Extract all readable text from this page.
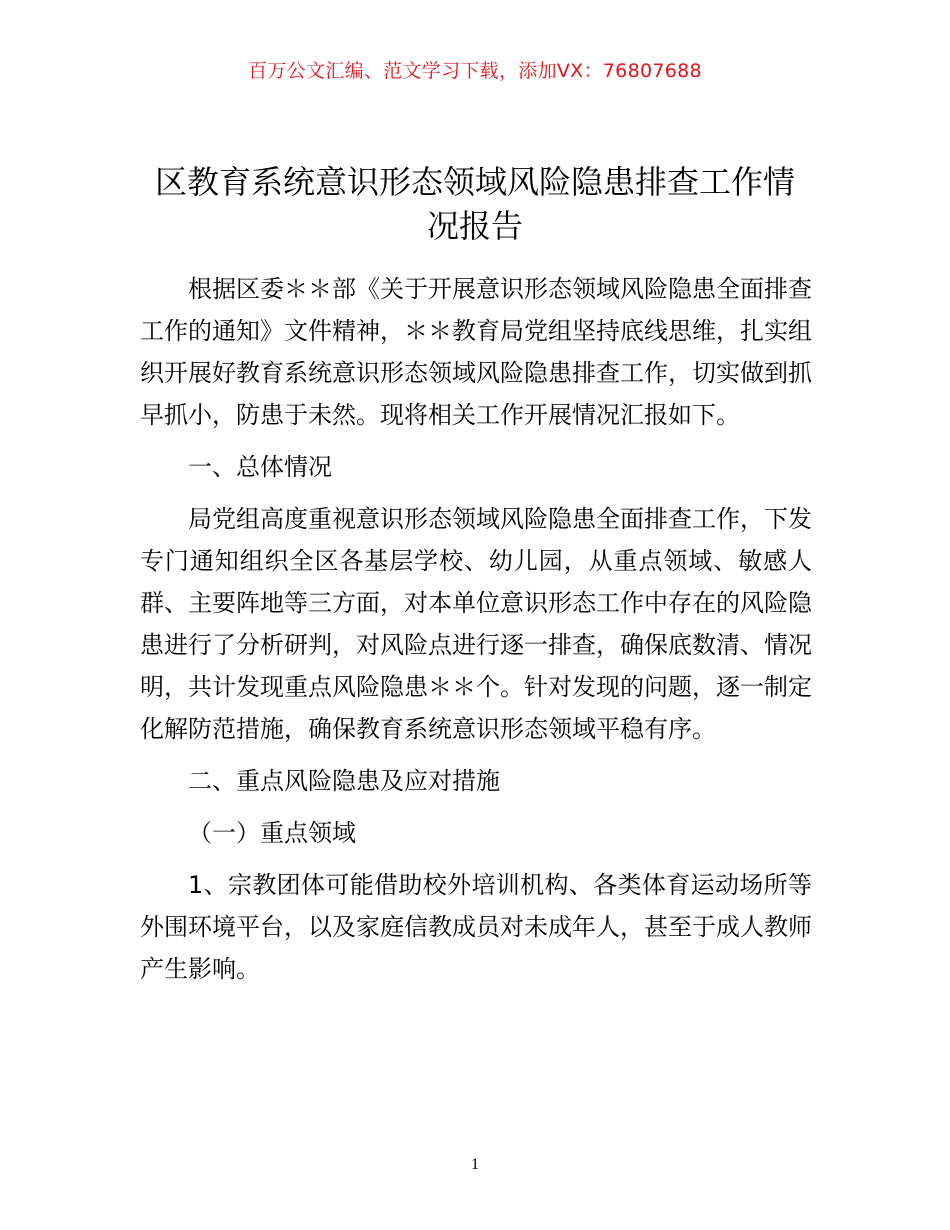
百万公文汇编、范文学习下载，添加VX：76807688
区教育系统意识形态领域风险隐患排查工作情况报告

根据区委＊＊部《关于开展意识形态领域风险隐患全面排查工作的通知》文件精神，＊＊教育局党组坚持底线思维，扎实组织开展好教育系统意识形态领域风险隐患排查工作，切实做到抓早抓小，防患于未然。现将相关工作开展情况汇报如下。

一、总体情况

局党组高度重视意识形态领域风险隐患全面排查工作，下发专门通知组织全区各基层学校、幼儿园，从重点领域、敏感人群、主要阵地等三方面，对本单位意识形态工作中存在的风险隐患进行了分析研判，对风险点进行逐一排查，确保底数清、情况明，共计发现重点风险隐患＊＊个。针对发现的问题，逐一制定化解防范措施，确保教育系统意识形态领域平稳有序。

二、重点风险隐患及应对措施

（一）重点领域

1、宗教团体可能借助校外培训机构、各类体育运动场所等外围环境平台，以及家庭信教成员对未成年人，甚至于成人教师产生影响。

1
